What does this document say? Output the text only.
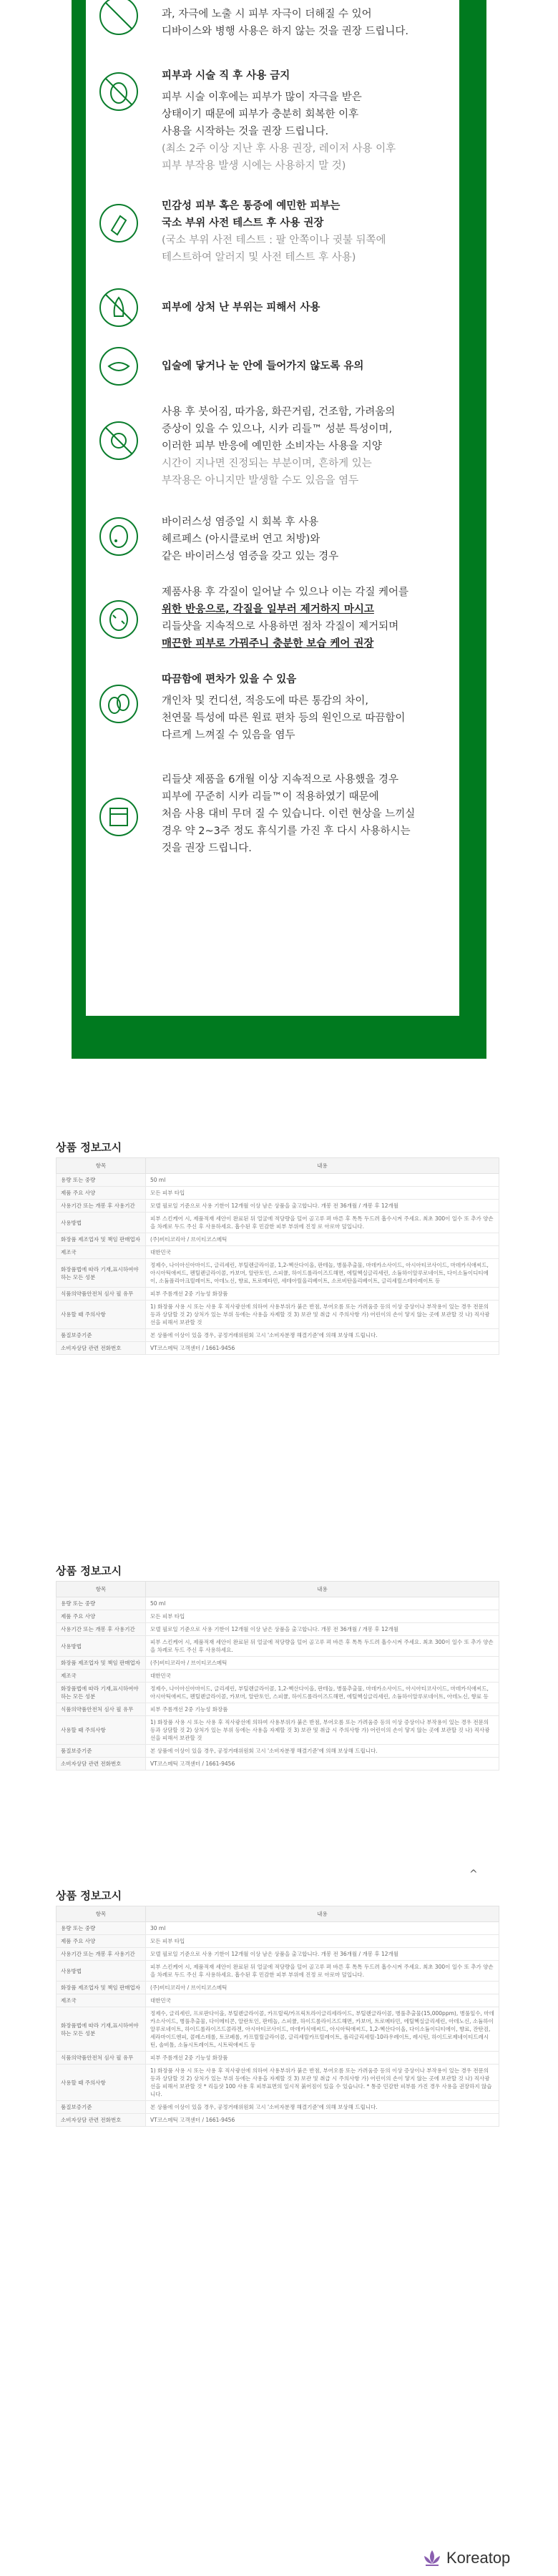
과, 자극에 노출 시 피부 자극이 더해질 수 있어
디바이스와 병행 사용은 하지 않는 것을 권장 드립니다.
피부과 시술 직 후 사용 금지
피부 시술 이후에는 피부가 많이 자극을 받은
상태이기 때문에 피부가 충분히 회복한 이후
사용을 시작하는 것을 권장 드립니다.
(최소 2주 이상 지난 후 사용 권장, 레이저 사용 이후
피부 부작용 발생 시에는 사용하지 말 것)
민감성 피부 혹은 통증에 예민한 피부는
국소 부위 사전 테스트 후 사용 권장
(국소 부위 사전 테스트 : 팔 안쪽이나 귓불 뒤쪽에
테스트하여 알러지 및 사전 테스트 후 사용)
피부에 상처 난 부위는 피해서 사용
입술에 닿거나 눈 안에 들어가지 않도록 유의
사용 후 붓어짐, 따가움, 화끈거림, 건조함, 가려움의
증상이 있을 수 있으나, 시카 리들™ 성분 특성이며,
이러한 피부 반응에 예민한 소비자는 사용을 지양
시간이 지나면 진정되는 부분이며, 흔하게 있는
부작용은 아니지만 발생할 수도 있음을 염두
바이러스성 염증일 시 회복 후 사용
헤르페스 (아시클로버 연고 처방)와
같은 바이러스성 염증을 갖고 있는 경우
제품사용 후 각질이 일어날 수 있으나 이는 각질 케어를
위한 반응으로, 각질을 일부러 제거하지 마시고
리들샷을 지속적으로 사용하면 점차 각질이 제거되며
매끈한 피부로 가꿔주니 충분한 보습 케어 권장
따끔함에 편차가 있을 수 있음
개인차 및 컨디션, 적응도에 따른 통감의 차이,
천연물 특성에 따른 원료 편차 등의 원인으로 따끔함이
다르게 느껴질 수 있음을 염두
리들샷 제품을 6개월 이상 지속적으로 사용했을 경우
피부에 꾸준히 시카 리들™이 적용하였기 때문에
처음 사용 대비 무뎌 질 수 있습니다. 이런 현상을 느끼실
경우 약 2~3주 정도 휴식기를 가진 후 다시 사용하시는
것을 권장 드립니다.
상품 정보고시
항목	내용
용량 또는 중량	50 ml
제품 주요 사양	모든 피부 타입
사용기간 또는 개봉 후 사용기간	모델 필로일 기준으로 사용 기한이 12개월 이상 남은 상품을 출고합니다. 개봉 전 36개월 / 개봉 후 12개월
사용방법	피부 스킨케어 시, 제품적재 세안이 완료된 뒤 얼굴에 적당량을 덜어 골고루 펴 바른 후 톡톡 두드려 흡수시켜 주세요. 최초 300이 일수 또 추가 양손을 차례로 두드 주신 후 사용하세요. 흡수된 후 민감한 피부 부위에 진정 로 아로마 덮입니다.
화장품 제조업자 및 책임 판매업자	(주)비티코리아 / 브이티코스메틱
제조국	대한민국
화장품법에 따라 기재,표시하여야 하는 모든 성분	정제수, 나이아신아마이드, 글리세린, 부틸렌글라이콜, 1,2-헥산다이올, 판테놀, 병풀추출물, 마데카소사이드, 아시아티코사이드, 마데카식애씨드, 아시아틱애씨드, 펜틸렌글라이콜, 카보머, 알란토인, 스피큘, 하이드롤라이즈드해면, 에틸헥실글리세린, 소듐하이알루로네이트, 다이소듐이디티에이, 소듐폴리아크릴레이트, 아데노신, 향료, 트로메타민, 세테아릴올리베이트, 소르비탄올리베이트, 글리세릴스테아레이트 등
식품의약품안전처 심사 필 유무	피부 주름개선 2중 기능성 화장품
사용할 때 주의사항	1) 화장품 사용 시 또는 사용 후 직사광선에 의하여 사용부위가 붉은 반점, 부어오름 또는 가려움증 등의 이상 증상이나 부작용이 있는 경우 전문의 등과 상담할 것 2) 상처가 있는 부위 등에는 사용을 자제할 것 3) 보관 및 취급 시 주의사항 가) 어린이의 손이 닿지 않는 곳에 보관할 것 나) 직사광선을 피해서 보관할 것
품질보증기준	본 상품에 이상이 있을 경우, 공정거래위원회 고시 '소비자분쟁 해결기준'에 의해 보상해 드립니다.
소비자상담 관련 전화번호	VT코스메틱 고객센터 / 1661-9456
상품 정보고시
항목	내용
용량 또는 중량	50 ml
제품 주요 사양	모든 피부 타입
사용기간 또는 개봉 후 사용기간	모델 필로일 기준으로 사용 기한이 12개월 이상 남은 상품을 출고합니다. 개봉 전 36개월 / 개봉 후 12개월
사용방법	피부 스킨케어 시, 제품적재 세안이 완료된 뒤 얼굴에 적당량을 덜어 골고루 펴 바른 후 톡톡 두드려 흡수시켜 주세요. 최초 300이 일수 또 추가 양손을 차례로 두드 주신 후 사용하세요.
화장품 제조업자 및 책임 판매업자	(주)비티코리아 / 브이티코스메틱
제조국	대한민국
화장품법에 따라 기재,표시하여야 하는 모든 성분	정제수, 나이아신아마이드, 글리세린, 부틸렌글라이콜, 1,2-헥산다이올, 판테놀, 병풀추출물, 마데카소사이드, 아시아티코사이드, 마데카식애씨드, 아시아틱애씨드, 펜틸렌글라이콜, 카보머, 알란토인, 스피큘, 하이드롤라이즈드해면, 에틸헥실글리세린, 소듐하이알루로네이트, 아데노신, 향료 등
식품의약품안전처 심사 필 유무	피부 주름개선 2중 기능성 화장품
사용할 때 주의사항	1) 화장품 사용 시 또는 사용 후 직사광선에 의하여 사용부위가 붉은 반점, 부어오름 또는 가려움증 등의 이상 증상이나 부작용이 있는 경우 전문의 등과 상담할 것 2) 상처가 있는 부위 등에는 사용을 자제할 것 3) 보관 및 취급 시 주의사항 가) 어린이의 손이 닿지 않는 곳에 보관할 것 나) 직사광선을 피해서 보관할 것
품질보증기준	본 상품에 이상이 있을 경우, 공정거래위원회 고시 '소비자분쟁 해결기준'에 의해 보상해 드립니다.
소비자상담 관련 전화번호	VT코스메틱 고객센터 / 1661-9456
^
상품 정보고시
항목	내용
용량 또는 중량	30 ml
제품 주요 사양	모든 피부 타입
사용기간 또는 개봉 후 사용기간	모델 필로일 기준으로 사용 기한이 12개월 이상 남은 상품을 출고합니다. 개봉 전 36개월 / 개봉 후 12개월
사용방법	피부 스킨케어 시, 제품적재 세안이 완료된 뒤 얼굴에 적당량을 덜어 골고루 펴 바른 후 톡톡 두드려 흡수시켜 주세요. 최초 300이 일수 또 추가 양손을 차례로 두드 주신 후 사용하세요. 흡수된 후 민감한 피부 부위에 진정 로 아로마 덮입니다.
화장품 제조업자 및 책임 판매업자	(주)비티코리아 / 브이티코스메틱
제조국	대한민국
화장품법에 따라 기재,표시하여야 하는 모든 성분	정제수, 글리세린, 프로판다이올, 부틸렌글라이콜, 카프릴릭/카프릭트라이글리세라이드, 부틸렌글라이콜, 병풀추출물(15,000ppm), 병풀잎수, 마데카소사이드, 병풀추출물, 다이메티콘, 알란토인, 판테놀, 스피큘, 하이드롤라이즈드해면, 카보머, 트로메타민, 에틸헥실글리세린, 아데노신, 소듐하이알루로네이트, 하이드롤라이즈드콜라겐, 아시아티코사이드, 마데카식애씨드, 아시아틱애씨드, 1,2-헥산다이올, 다이소듐이디티에이, 향료, 잔탄검, 세라마이드엔피, 콜레스테롤, 토코페롤, 카프릴릴글라이콜, 글리세릴카프릴레이트, 폴리글리세릴-10라우레이트, 레시틴, 하이드로제네이티드레시틴, 솔비톨, 소듐시트레이트, 시트릭애씨드 등
식품의약품안전처 심사 필 유무	피부 주름개선 2중 기능성 화장품
사용할 때 주의사항	1) 화장품 사용 시 또는 사용 후 직사광선에 의하여 사용부위가 붉은 반점, 부어오름 또는 가려움증 등의 이상 증상이나 부작용이 있는 경우 전문의 등과 상담할 것 2) 상처가 있는 부위 등에는 사용을 자제할 것 3) 보관 및 취급 시 주의사항 가) 어린이의 손이 닿지 않는 곳에 보관할 것 나) 직사광선을 피해서 보관할 것 * 리들샷 100 사용 후 피부표면의 일시적 붉어짐이 있을 수 있습니다. * 통증 민감한 피부를 가진 경우 사용을 권장하지 않습니다.
품질보증기준	본 상품에 이상이 있을 경우, 공정거래위원회 고시 '소비자분쟁 해결기준'에 의해 보상해 드립니다.
소비자상담 관련 전화번호	VT코스메틱 고객센터 / 1661-9456
Koreatop
